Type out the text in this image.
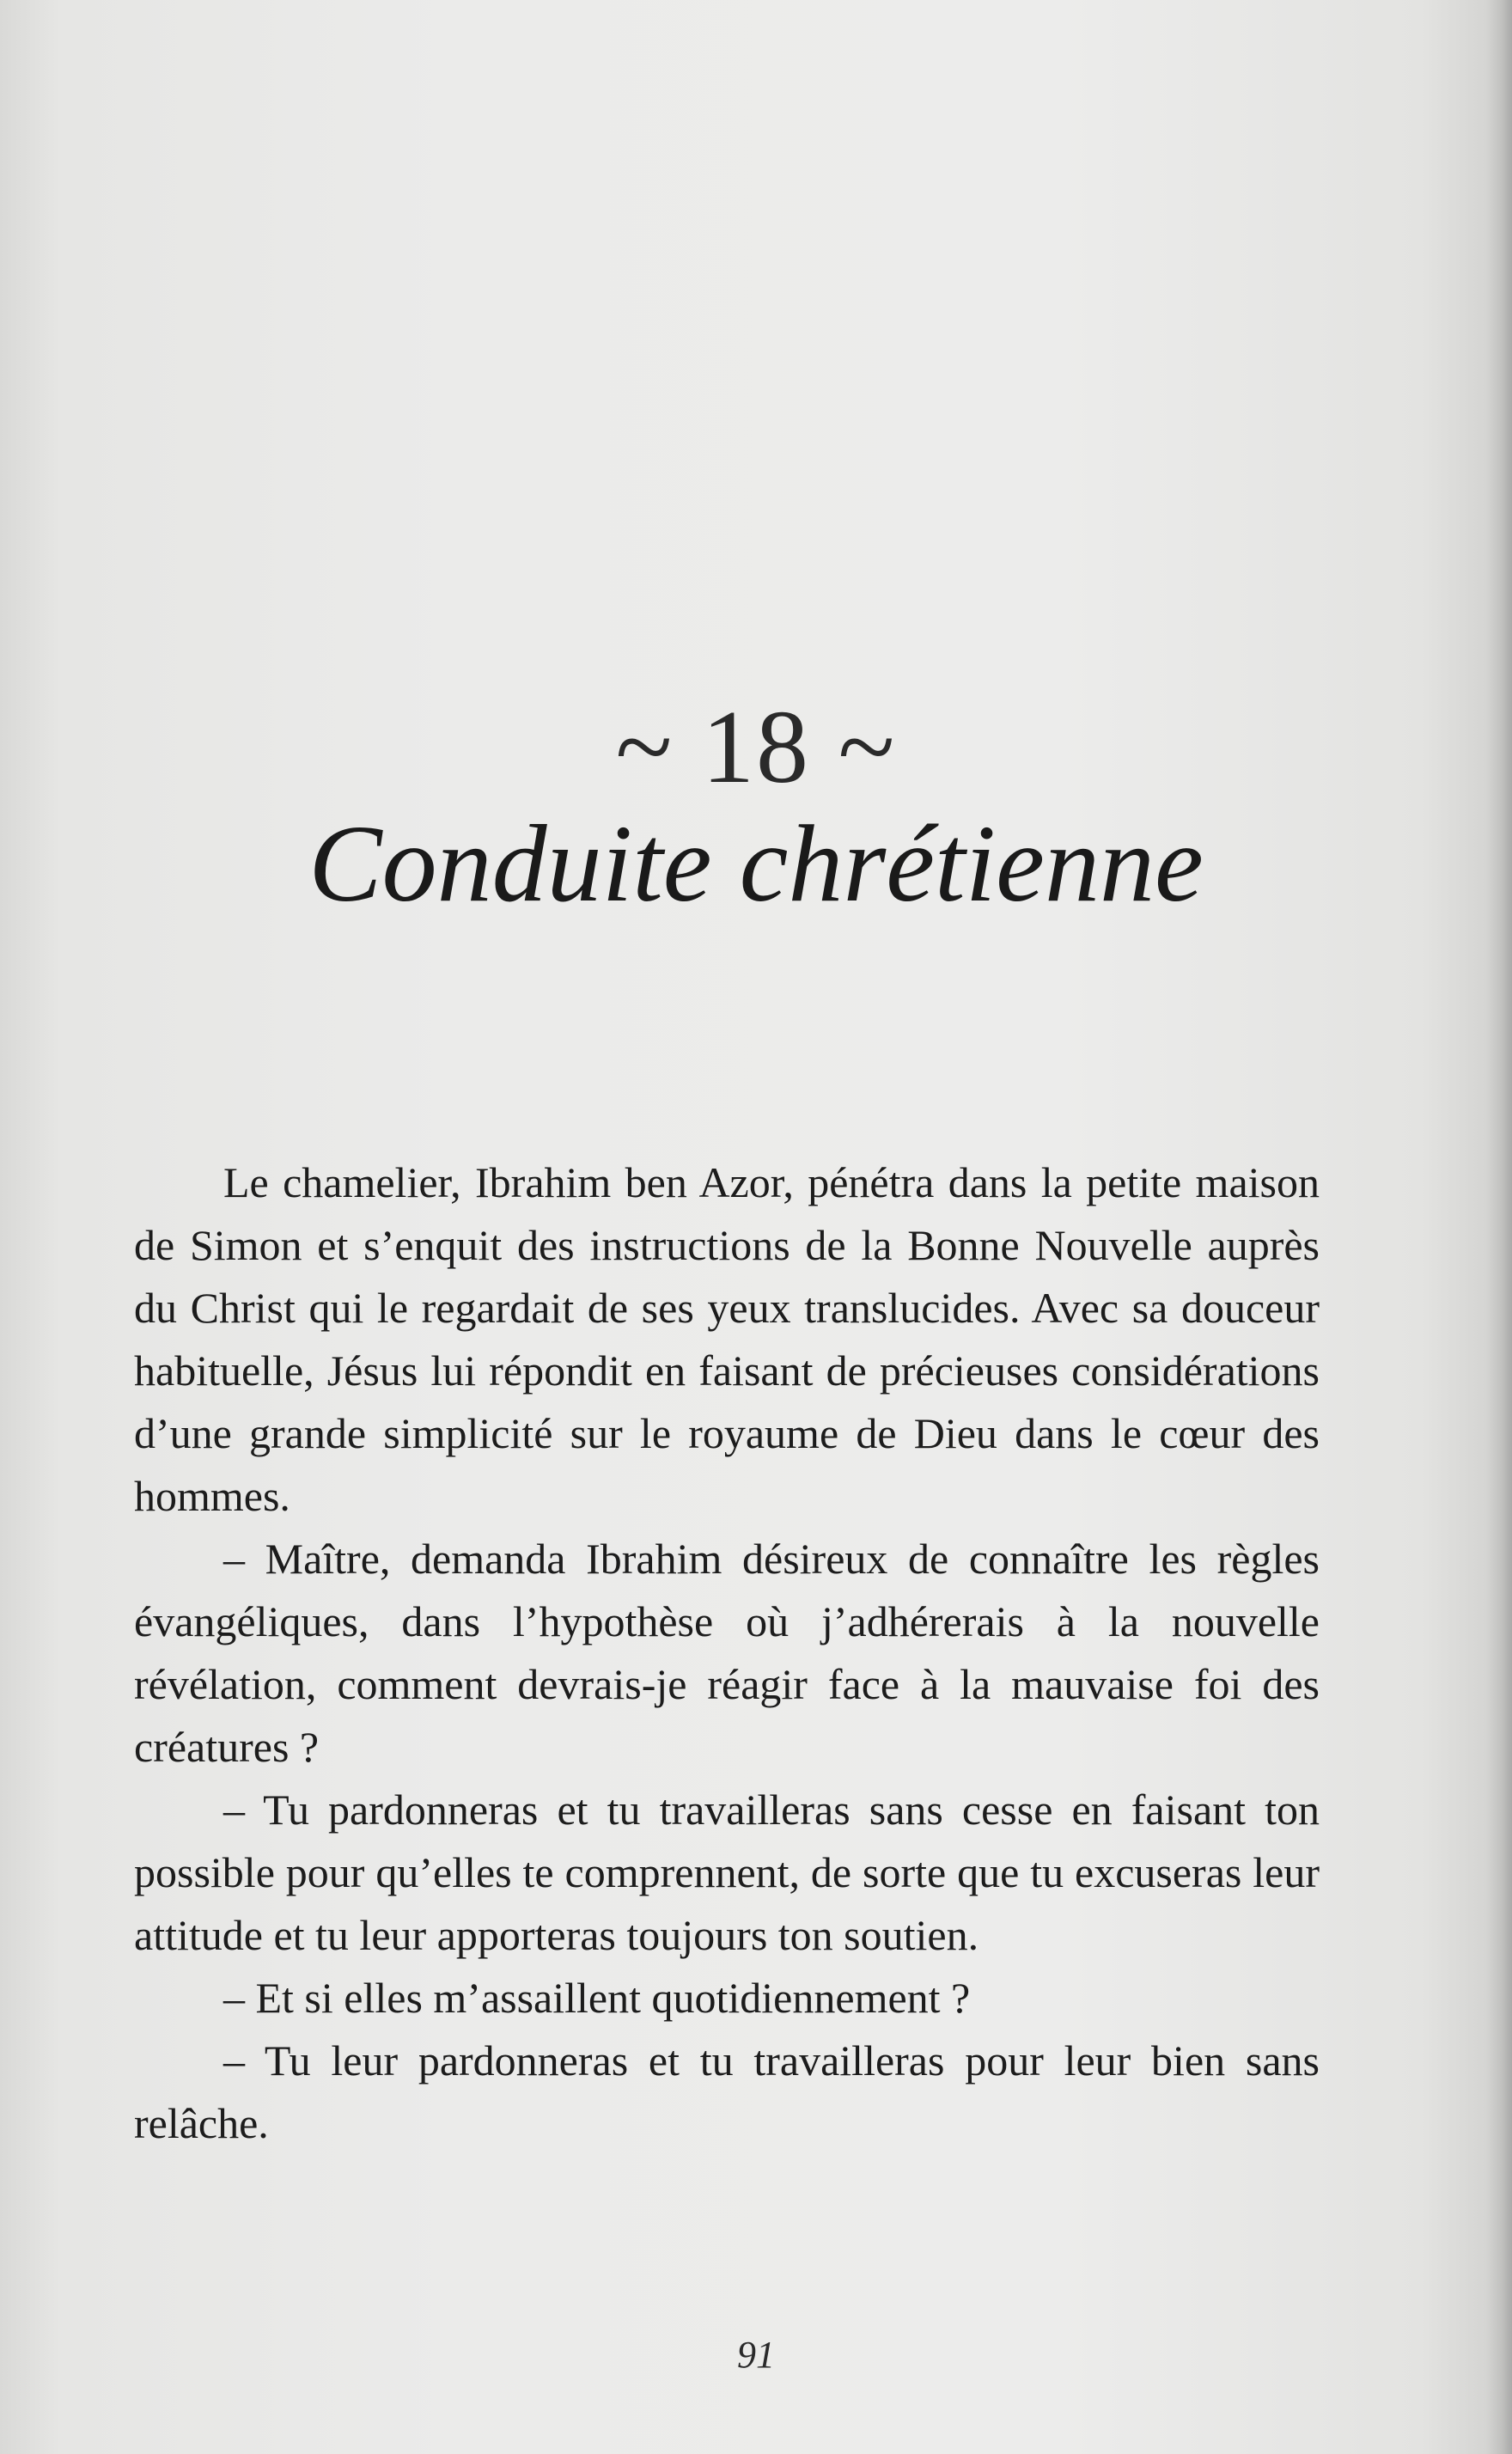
~ 18 ~
Conduite chrétienne

Le chamelier, Ibrahim ben Azor, pénétra dans la petite maison de Simon et s’enquit des instructions de la Bonne Nouvelle auprès du Christ qui le regardait de ses yeux translucides. Avec sa douceur habituelle, Jésus lui répondit en faisant de précieuses considérations d’une grande simplicité sur le royaume de Dieu dans le cœur des hommes.

– Maître, demanda Ibrahim désireux de connaître les règles évangéliques, dans l’hypothèse où j’adhérerais à la nouvelle révélation, comment devrais-je réagir face à la mauvaise foi des créatures ?

– Tu pardonneras et tu travailleras sans cesse en faisant ton possible pour qu’elles te comprennent, de sorte que tu excuseras leur attitude et tu leur apporteras toujours ton soutien.

– Et si elles m’assaillent quotidiennement ?

– Tu leur pardonneras et tu travailleras pour leur bien sans relâche.

91
